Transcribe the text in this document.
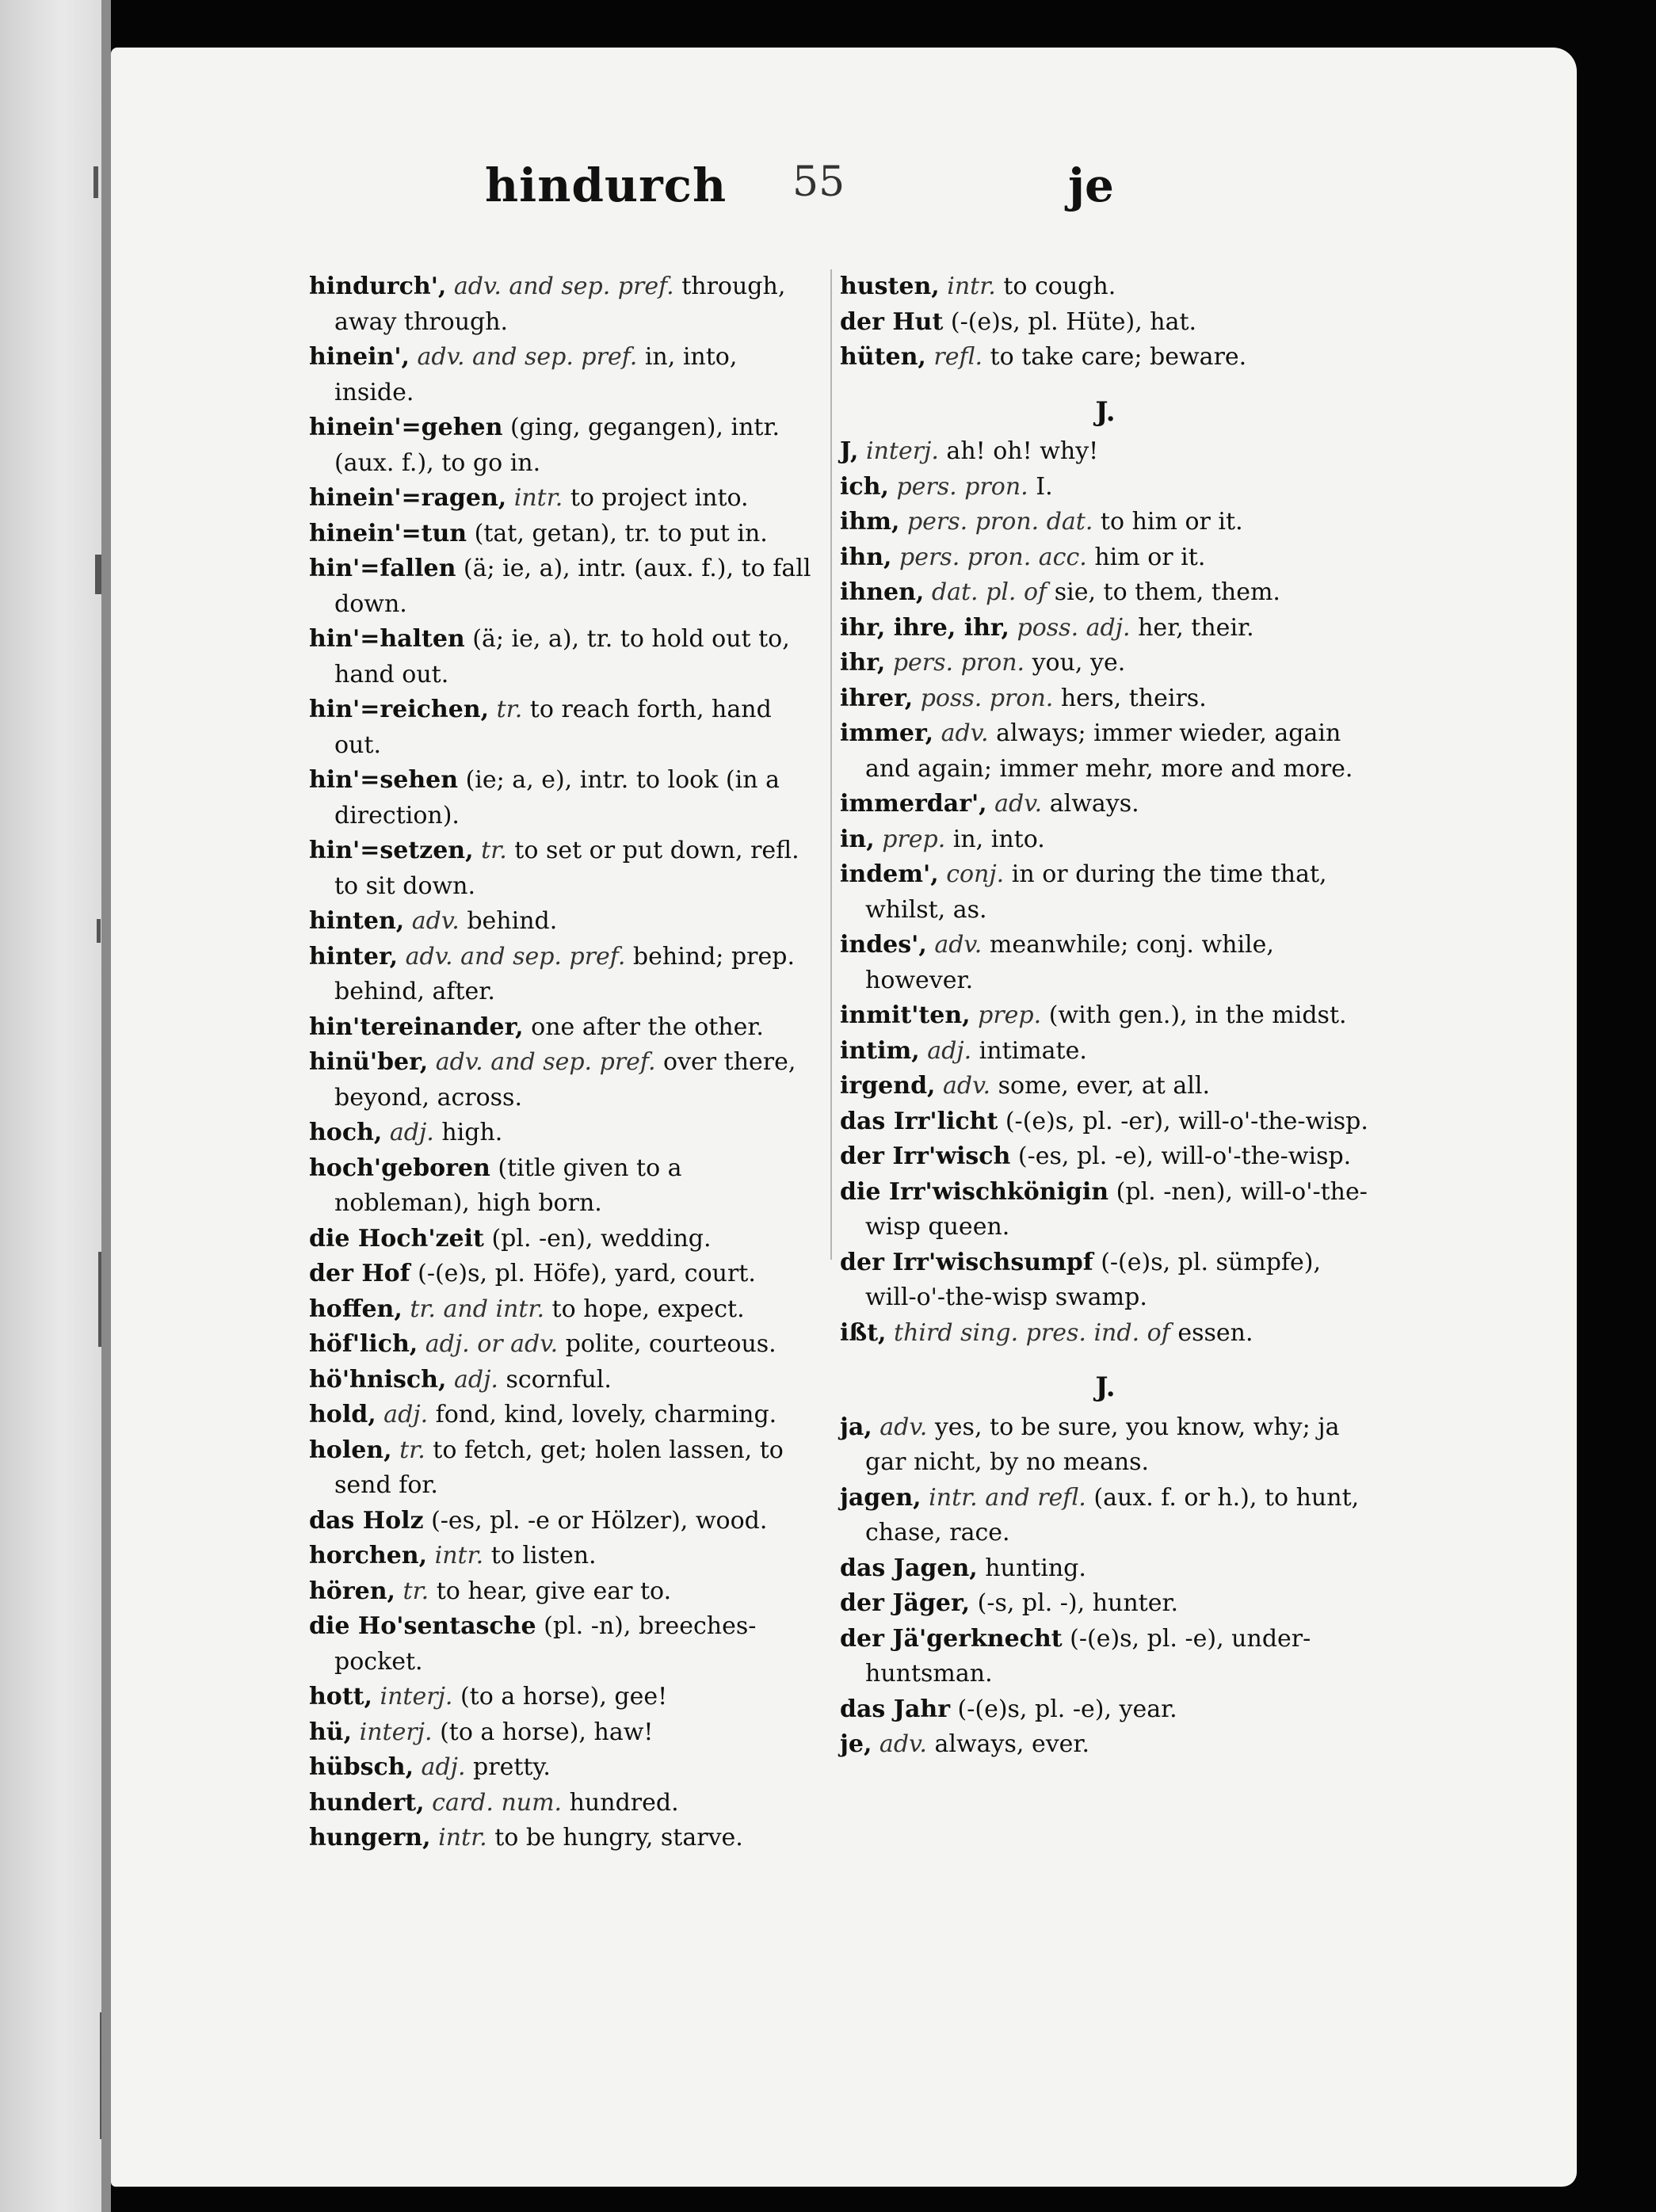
hindurch 55	je
hindurch', adv. and sep. pref. through, away through.
hinein', adv. and sep. pref. in, into, inside.
hinein'=gehen (ging, gegangen), intr. (aux. f.), to go in.
hinein'=ragen, intr. to project into.
hinein'=tun (tat, getan), tr. to put in.
hin'=fallen (ä; ie, a), intr. (aux. f.), to fall down.
hin'=halten (ä; ie, a), tr. to hold out to, hand out.
hin'=reichen, tr. to reach forth, hand out.
hin'=sehen (ie; a, e), intr. to look (in a direction).
hin'=setzen, tr. to set or put down, refl. to sit down.
hinten, adv. behind.
hinter, adv. and sep. pref. behind; prep. behind, after.
hin'tereinander, one after the other.
hinü'ber, adv. and sep. pref. over there, beyond, across.
hoch, adj. high.
hoch'geboren (title given to a nobleman), high born.
die Hoch'zeit (pl. -en), wedding.
der Hof (-(e)s, pl. Höfe), yard, court.
hoffen, tr. and intr. to hope, expect.
höf'lich, adj. or adv. polite, courteous.
hö'hnisch, adj. scornful.
hold, adj. fond, kind, lovely, charming.
holen, tr. to fetch, get; holen lassen, to send for.
das Holz (-es, pl. -e or Hölzer), wood.
horchen, intr. to listen.
hören, tr. to hear, give ear to.
die Ho'sentasche (pl. -n), breeches-pocket.
hott, interj. (to a horse), gee!
hü, interj. (to a horse), haw!
hübsch, adj. pretty.
hundert, card. num. hundred.
hungern, intr. to be hungry, starve.
husten, intr. to cough.
der Hut (-(e)s, pl. Hüte), hat.
hüten, refl. to take care; beware.
J.
J, interj. ah! oh! why!
ich, pers. pron. I.
ihm, pers. pron. dat. to him or it.
ihn, pers. pron. acc. him or it.
ihnen, dat. pl. of sie, to them, them.
ihr, ihre, ihr, poss. adj. her, their.
ihr, pers. pron. you, ye.
ihrer, poss. pron. hers, theirs.
immer, adv. always; immer wieder, again and again; immer mehr, more and more.
immerdar', adv. always.
in, prep. in, into.
indem', conj. in or during the time that, whilst, as.
indes', adv. meanwhile; conj. while, however.
inmit'ten, prep. (with gen.), in the midst.
intim, adj. intimate.
irgend, adv. some, ever, at all.
das Irr'licht (-(e)s, pl. -er), will-o'-the-wisp.
der Irr'wisch (-es, pl. -e), will-o'-the-wisp.
die Irr'wischkönigin (pl. -nen), will-o'-the-wisp queen.
der Irr'wischsumpf (-(e)s, pl. sümpfe), will-o'-the-wisp swamp.
ißt, third sing. pres. ind. of essen.
J.
ja, adv. yes, to be sure, you know, why; ja gar nicht, by no means.
jagen, intr. and refl. (aux. f. or h.), to hunt, chase, race.
das Jagen, hunting.
der Jäger, (-s, pl. -), hunter.
der Jä'gerknecht (-(e)s, pl. -e), under-huntsman.
das Jahr (-(e)s, pl. -e), year.
je, adv. always, ever.
